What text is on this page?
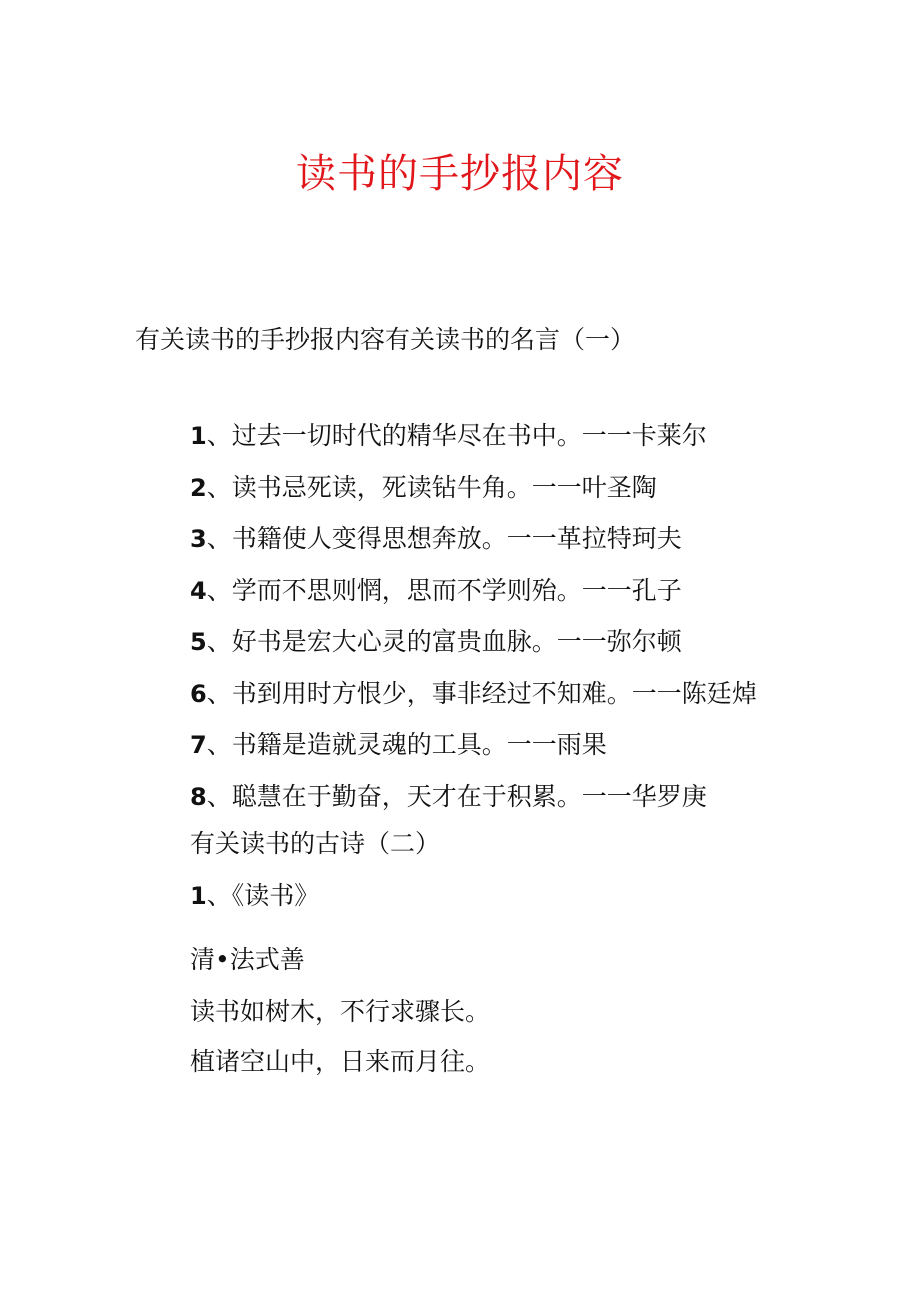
读书的手抄报内容
有关读书的手抄报内容有关读书的名言（一）
1、过去一切时代的精华尽在书中。一一卡莱尔
2、读书忌死读，死读钻牛角。一一叶圣陶
3、书籍使人变得思想奔放。一一革拉特珂夫
4、学而不思则惘，思而不学则殆。一一孔子
5、好书是宏大心灵的富贵血脉。一一弥尔顿
6、书到用时方恨少，事非经过不知难。一一陈廷焯
7、书籍是造就灵魂的工具。一一雨果
8、聪慧在于勤奋，天才在于积累。一一华罗庚
有关读书的古诗（二）
1、《读书》
清•法式善
读书如树木，不行求骤长。
植诸空山中，日来而月往。
